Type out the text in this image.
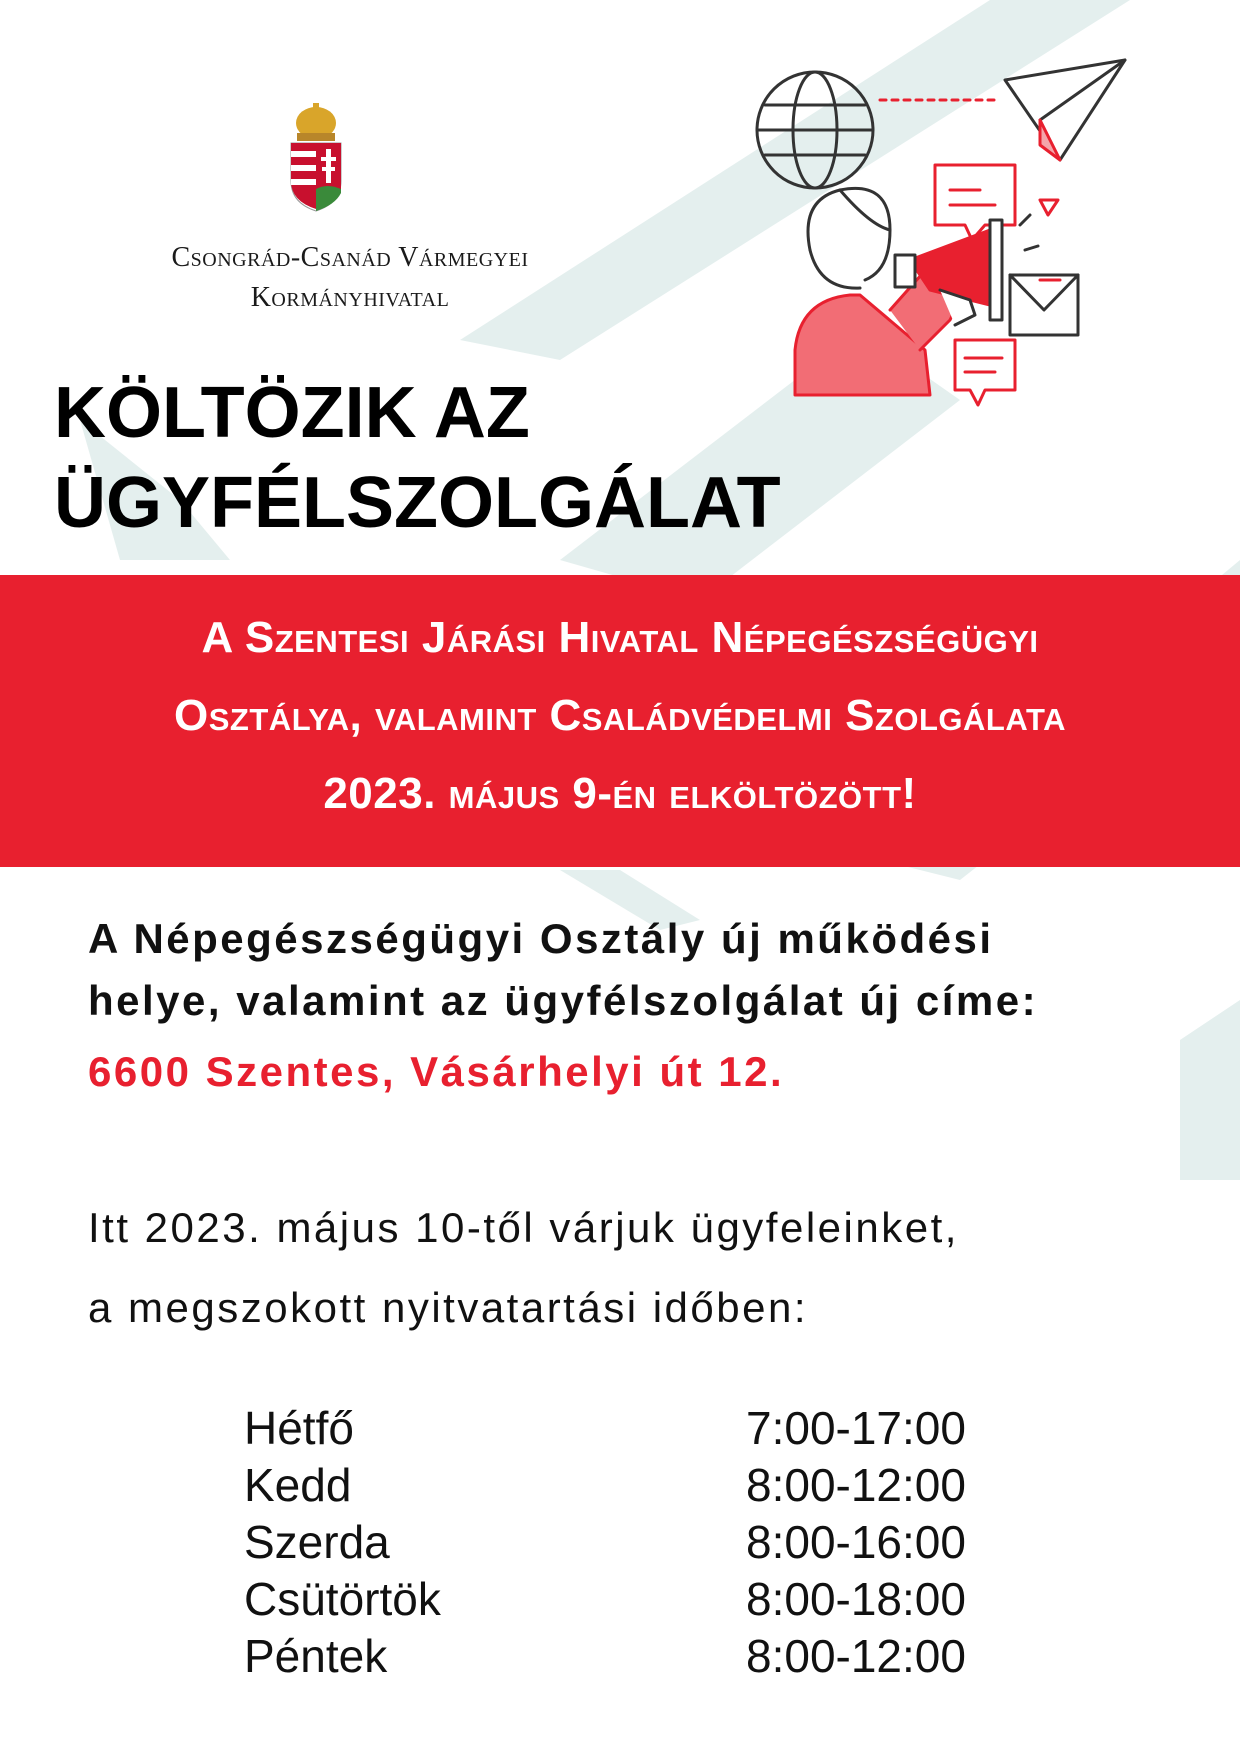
Csongrád-Csanád Vármegyei
Kormányhivatal
KÖLTÖZIK AZ
ÜGYFÉLSZOLGÁLAT
A Szentesi Járási Hivatal Népegészségügyi
Osztálya, valamint Családvédelmi Szolgálata
2023. május 9-én elköltözött!
A Népegészségügyi Osztály új működési
helye, valamint az ügyfélszolgálat új címe:
6600 Szentes, Vásárhelyi út 12.
Itt 2023. május 10-től várjuk ügyfeleinket,
a megszokott nyitvatartási időben:
Hétfő	7:00-17:00
Kedd	8:00-12:00
Szerda	8:00-16:00
Csütörtök	8:00-18:00
Péntek	8:00-12:00
